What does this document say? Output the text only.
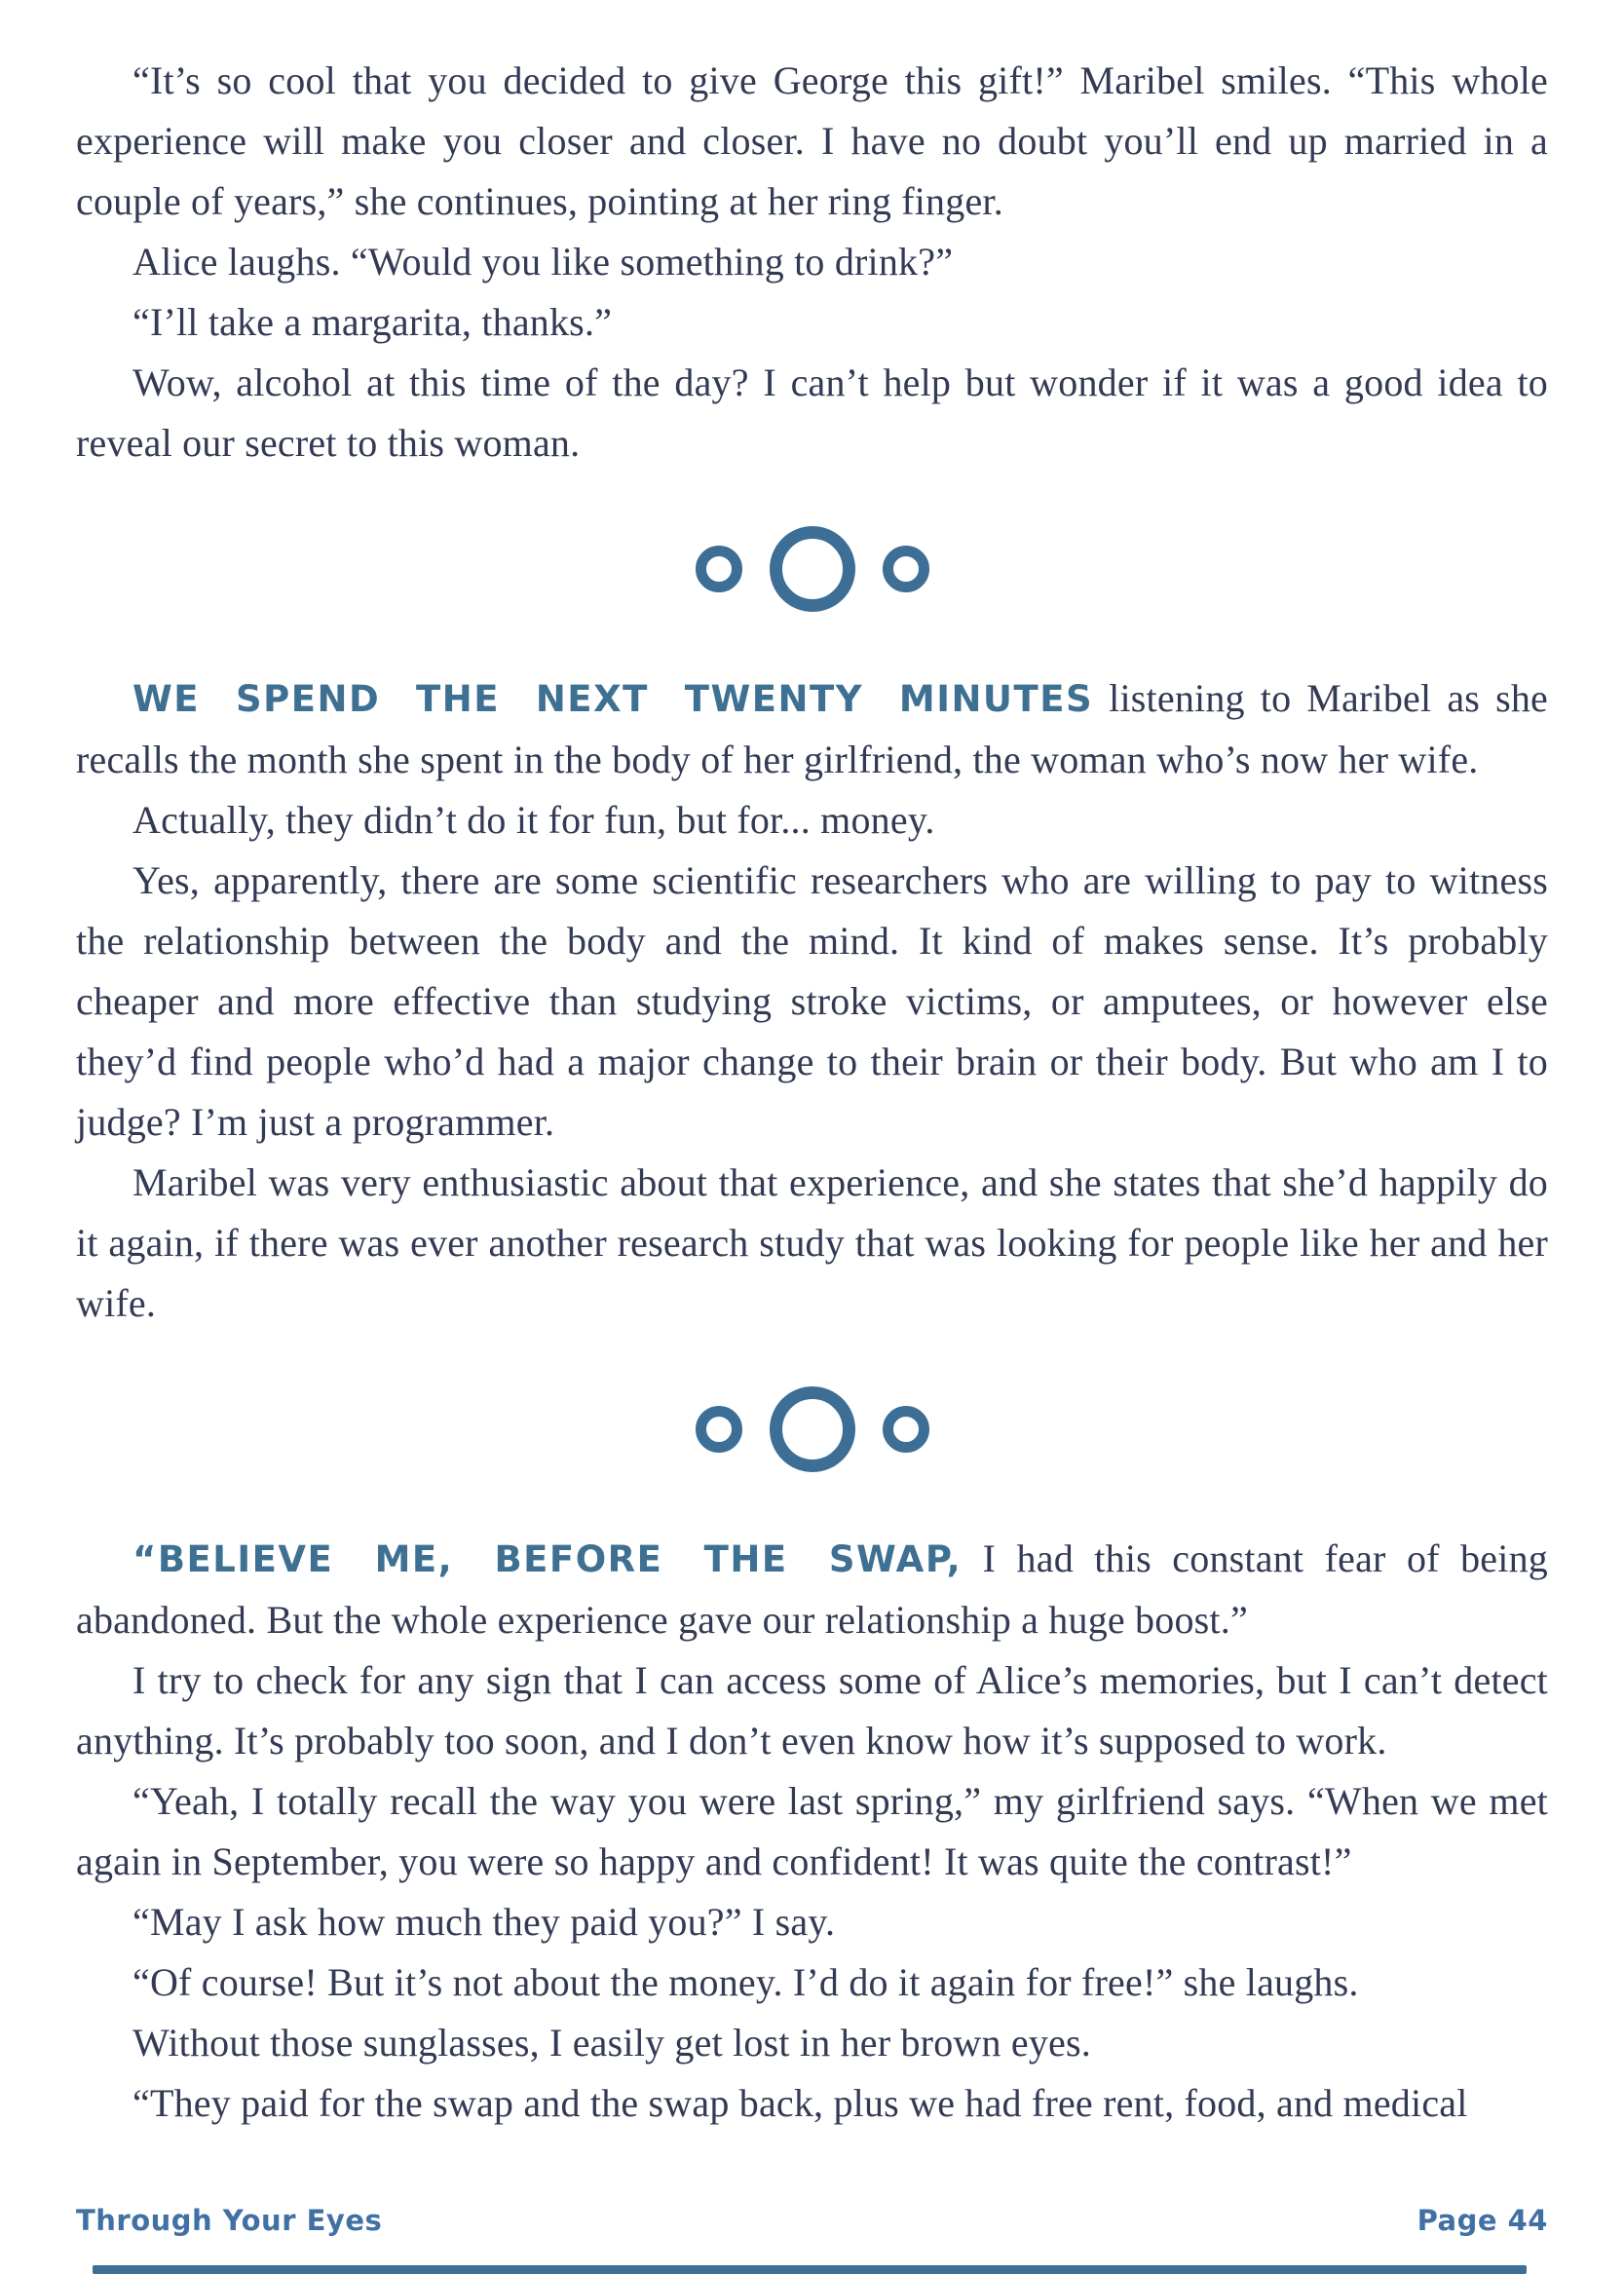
“It’s so cool that you decided to give George this gift!” Maribel smiles. “This whole experience will make you closer and closer. I have no doubt you’ll end up married in a couple of years,” she continues, pointing at her ring finger.

Alice laughs. “Would you like something to drink?”

“I’ll take a margarita, thanks.”

Wow, alcohol at this time of the day? I can’t help but wonder if it was a good idea to reveal our secret to this woman.

WE SPEND THE NEXT TWENTY MINUTES listening to Maribel as she recalls the month she spent in the body of her girlfriend, the woman who’s now her wife.

Actually, they didn’t do it for fun, but for... money.

Yes, apparently, there are some scientific researchers who are willing to pay to witness the relationship between the body and the mind. It kind of makes sense. It’s probably cheaper and more effective than studying stroke victims, or amputees, or however else they’d find people who’d had a major change to their brain or their body. But who am I to judge? I’m just a programmer.

Maribel was very enthusiastic about that experience, and she states that she’d happily do it again, if there was ever another research study that was looking for people like her and her wife.

“BELIEVE ME, BEFORE THE SWAP, I had this constant fear of being abandoned. But the whole experience gave our relationship a huge boost.”

I try to check for any sign that I can access some of Alice’s memories, but I can’t detect anything. It’s probably too soon, and I don’t even know how it’s supposed to work.

“Yeah, I totally recall the way you were last spring,” my girlfriend says. “When we met again in September, you were so happy and confident! It was quite the contrast!”

“May I ask how much they paid you?” I say.

“Of course! But it’s not about the money. I’d do it again for free!” she laughs.

Without those sunglasses, I easily get lost in her brown eyes.

“They paid for the swap and the swap back, plus we had free rent, food, and medical

Through Your Eyes	Page 44
